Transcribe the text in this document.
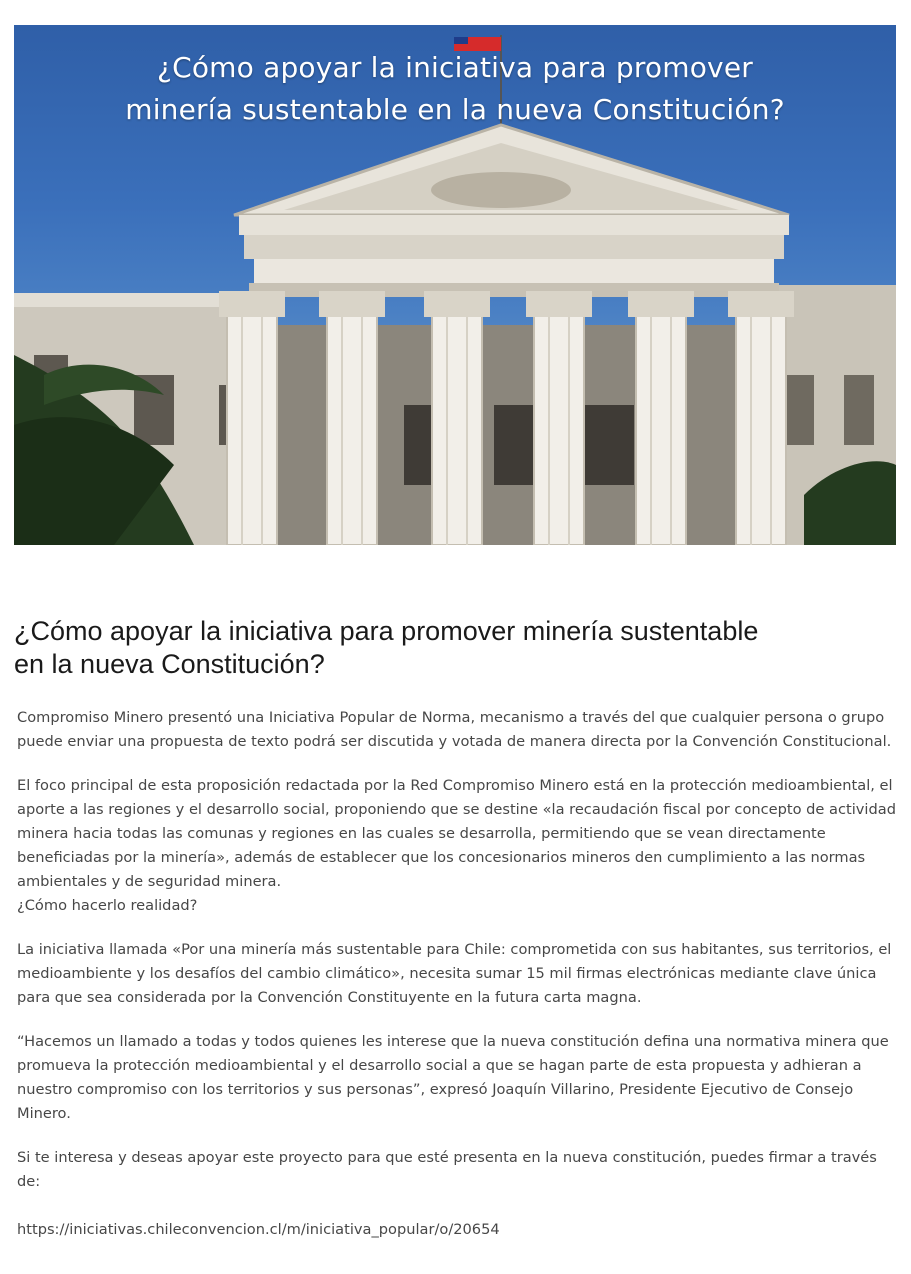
¿Cómo apoyar la iniciativa para promover
minería sustentable en la nueva Constitución?
¿Cómo apoyar la iniciativa para promover minería sustentable en la nueva Constitución?

Compromiso Minero presentó una Iniciativa Popular de Norma, mecanismo a través del que cualquier persona o grupo puede enviar una propuesta de texto podrá ser discutida y votada de manera directa por la Convención Constitucional.

El foco principal de esta proposición redactada por la Red Compromiso Minero está en la protección medioambiental, el aporte a las regiones y el desarrollo social, proponiendo que se destine «la recaudación fiscal por concepto de actividad minera hacia todas las comunas y regiones en las cuales se desarrolla, permitiendo que se vean directamente beneficiadas por la minería», además de establecer que los concesionarios mineros den cumplimiento a las normas ambientales y de seguridad minera.

¿Cómo hacerlo realidad?

La iniciativa llamada «Por una minería más sustentable para Chile: comprometida con sus habitantes, sus territorios, el medioambiente y los desafíos del cambio climático», necesita sumar 15 mil firmas electrónicas mediante clave única para que sea considerada por la Convención Constituyente en la futura carta magna.

“Hacemos un llamado a todas y todos quienes les interese que la nueva constitución defina una normativa minera que promueva la protección medioambiental y el desarrollo social a que se hagan parte de esta propuesta y adhieran a nuestro compromiso con los territorios y sus personas”, expresó Joaquín Villarino, Presidente Ejecutivo de Consejo Minero.

Si te interesa y deseas apoyar este proyecto para que esté presenta en la nueva constitución, puedes firmar a través de:

https://iniciativas.chileconvencion.cl/m/iniciativa_popular/o/20654
